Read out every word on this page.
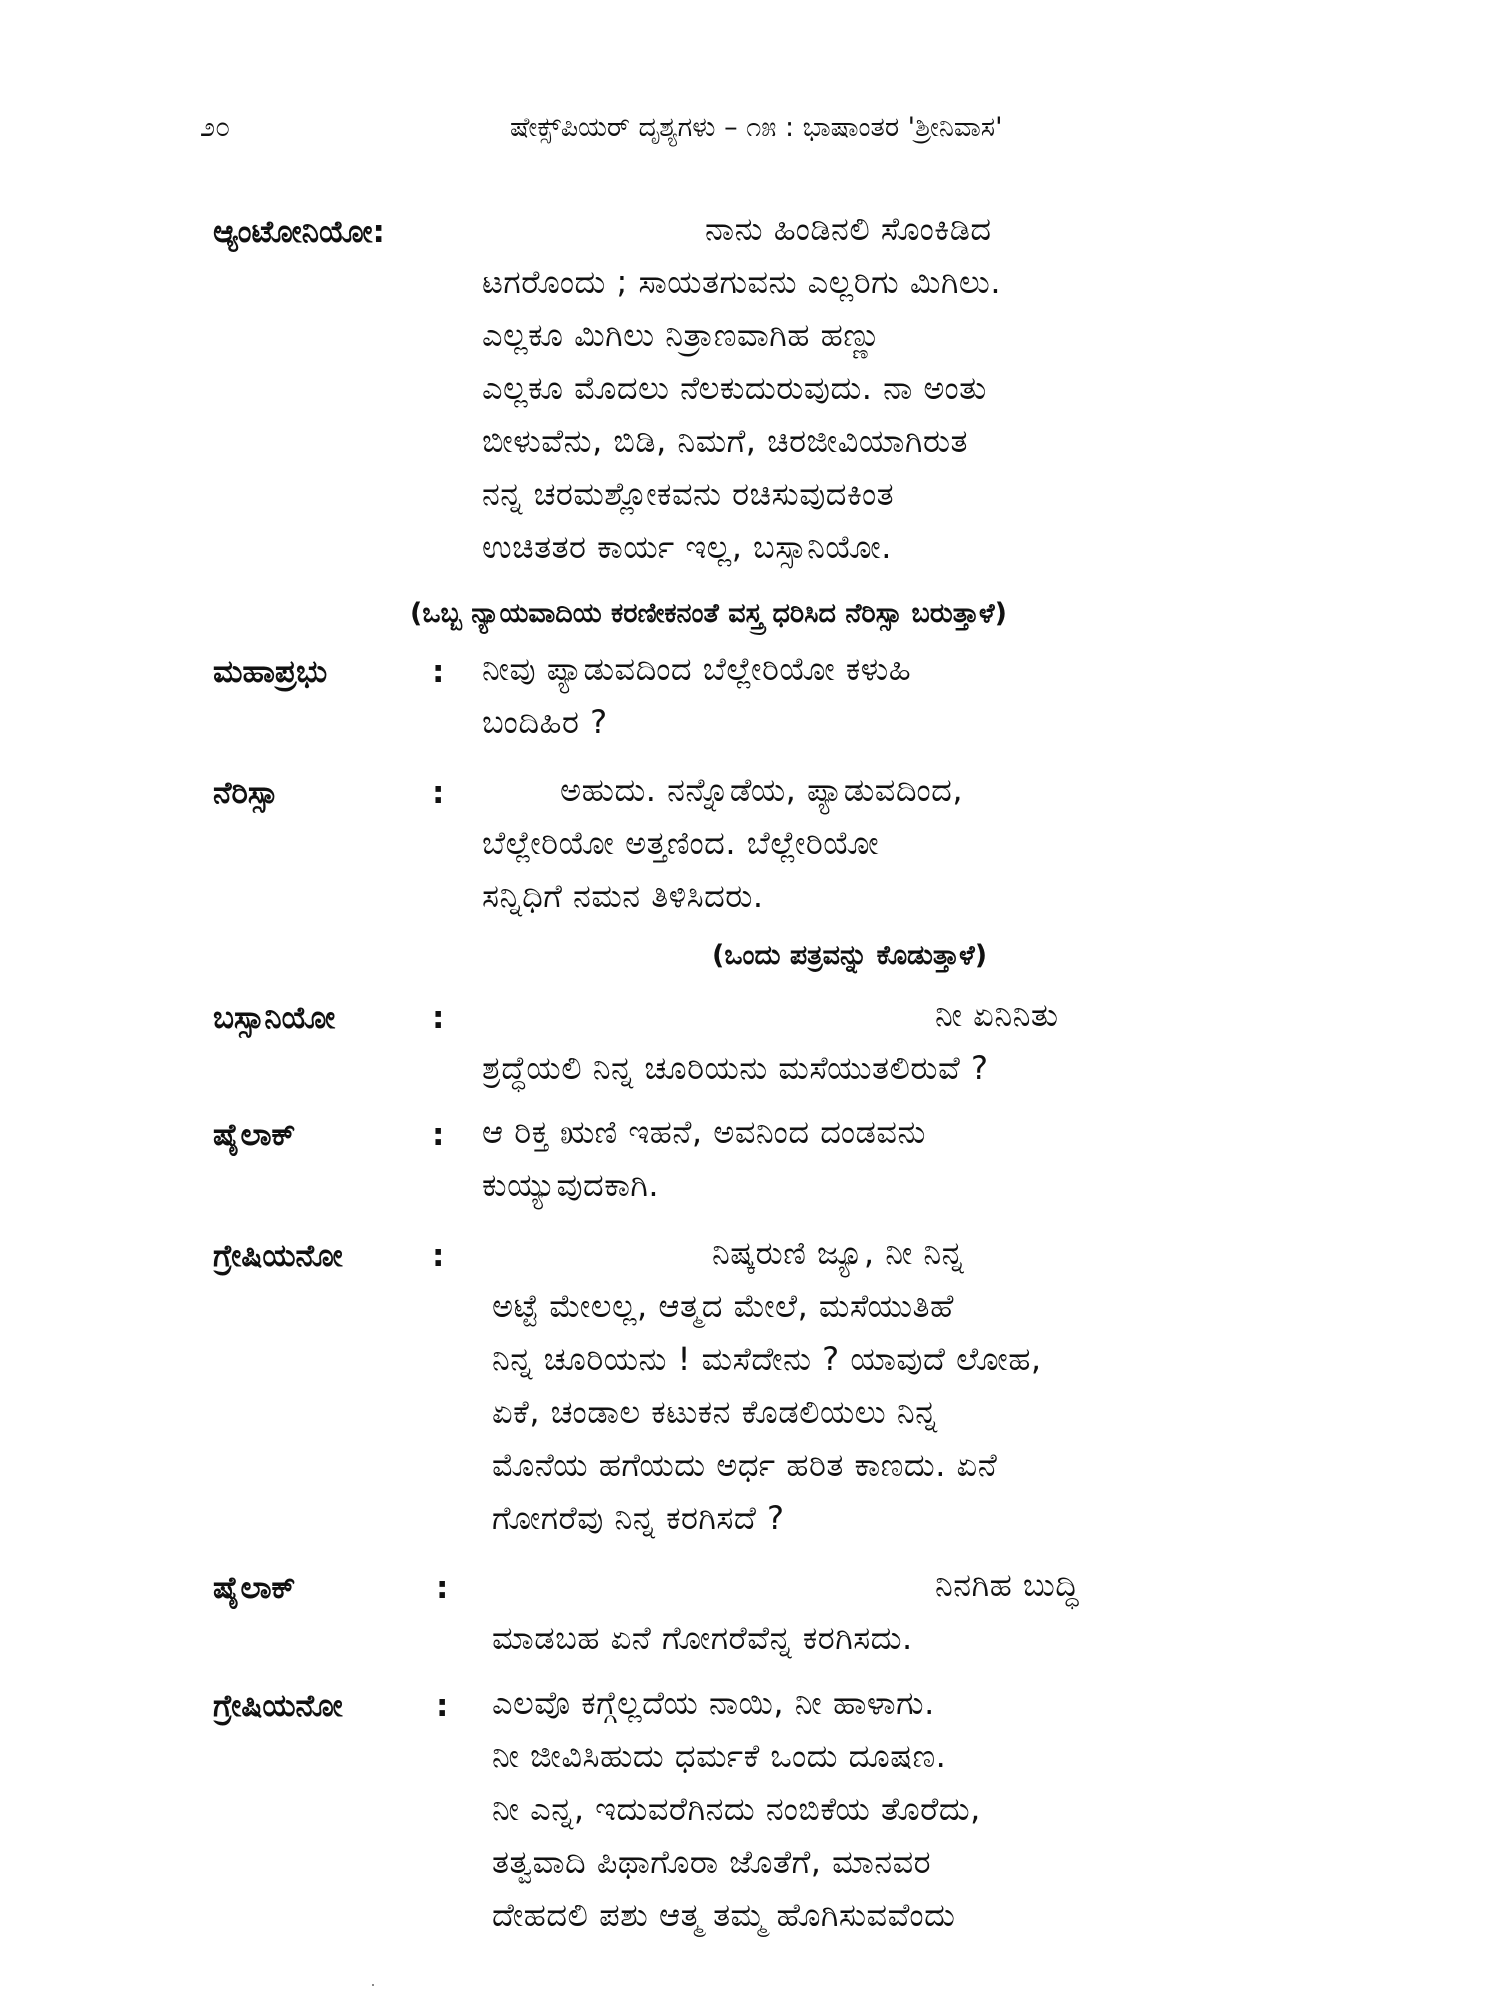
೨೦	ಷೇಕ್ಸ್‌ಪಿಯರ್ ದೃಶ್ಯಗಳು – ೧೫ : ಭಾಷಾಂತರ 'ಶ್ರೀನಿವಾಸ'
ಆ್ಯಂಟೋನಿಯೋ:	ನಾನು ಹಿಂಡಿನಲಿ ಸೊಂಕಿಡಿದ
ಟಗರೊಂದು ; ಸಾಯತಗುವನು ಎಲ್ಲರಿಗು ಮಿಗಿಲು.
ಎಲ್ಲಕೂ ಮಿಗಿಲು ನಿತ್ರಾಣವಾಗಿಹ ಹಣ್ಣು
ಎಲ್ಲಕೂ ಮೊದಲು ನೆಲಕುದುರುವುದು. ನಾ ಅಂತು
ಬೀಳುವೆನು, ಬಿಡಿ, ನಿಮಗೆ, ಚಿರಜೀವಿಯಾಗಿರುತ
ನನ್ನ ಚರಮಶ್ಲೋಕವನು ರಚಿಸುವುದಕಿಂತ
ಉಚಿತತರ ಕಾರ್ಯ ಇಲ್ಲ, ಬಸ್ಸಾನಿಯೋ.
(ಒಬ್ಬ ನ್ಯಾಯವಾದಿಯ ಕರಣೀಕನಂತೆ ವಸ್ತ್ರ ಧರಿಸಿದ ನೆರಿಸ್ಸಾ ಬರುತ್ತಾಳೆ)
ಮಹಾಪ್ರಭು	: ನೀವು ಪ್ಯಾಡುವದಿಂದ ಬೆಲ್ಲೇರಿಯೋ ಕಳುಹಿ
ಬಂದಿಹಿರ ?
ನೆರಿಸ್ಸಾ	:	ಅಹುದು. ನನ್ನೊಡೆಯ, ಪ್ಯಾಡುವದಿಂದ,
ಬೆಲ್ಲೇರಿಯೋ ಅತ್ತಣಿಂದ. ಬೆಲ್ಲೇರಿಯೋ
ಸನ್ನಿಧಿಗೆ ನಮನ ತಿಳಿಸಿದರು.
(ಒಂದು ಪತ್ರವನ್ನು ಕೊಡುತ್ತಾಳೆ)
ಬಸ್ಸಾನಿಯೋ	:	ನೀ ಏನಿನಿತು
ಶ್ರದ್ಧೆಯಲಿ ನಿನ್ನ ಚೂರಿಯನು ಮಸೆಯುತಲಿರುವೆ ?
ಷೈಲಾಕ್	: ಆ ರಿಕ್ತ ಋಣಿ ಇಹನೆ, ಅವನಿಂದ ದಂಡವನು
ಕುಯ್ಯುವುದಕಾಗಿ.
ಗ್ರೇಷಿಯನೋ	:	ನಿಷ್ಕರುಣಿ ಜ್ಯೂ, ನೀ ನಿನ್ನ
ಅಟ್ಟೆ ಮೇಲಲ್ಲ, ಆತ್ಮದ ಮೇಲೆ, ಮಸೆಯುತಿಹೆ
ನಿನ್ನ ಚೂರಿಯನು ! ಮಸೆದೇನು ? ಯಾವುದೆ ಲೋಹ,
ಏಕೆ, ಚಂಡಾಲ ಕಟುಕನ ಕೊಡಲಿಯಲು ನಿನ್ನ
ಮೊನೆಯ ಹಗೆಯದು ಅರ್ಧ ಹರಿತ ಕಾಣದು. ಏನೆ
ಗೋಗರೆವು ನಿನ್ನ ಕರಗಿಸದೆ ?
ಷೈಲಾಕ್	:	ನಿನಗಿಹ ಬುದ್ಧಿ
ಮಾಡಬಹ ಏನೆ ಗೋಗರೆವೆನ್ನ ಕರಗಿಸದು.
ಗ್ರೇಷಿಯನೋ	: ಎಲವೊ ಕಗ್ಗೆಲ್ಲದೆಯ ನಾಯಿ, ನೀ ಹಾಳಾಗು.
ನೀ ಜೀವಿಸಿಹುದು ಧರ್ಮಕೆ ಒಂದು ದೂಷಣ.
ನೀ ಎನ್ನ, ಇದುವರೆಗಿನದು ನಂಬಿಕೆಯ ತೊರೆದು,
ತತ್ವವಾದಿ ಪಿಥಾಗೊರಾ ಜೊತೆಗೆ, ಮಾನವರ
ದೇಹದಲಿ ಪಶು ಆತ್ಮ ತಮ್ಮ ಹೊಗಿಸುವವೆಂದು
